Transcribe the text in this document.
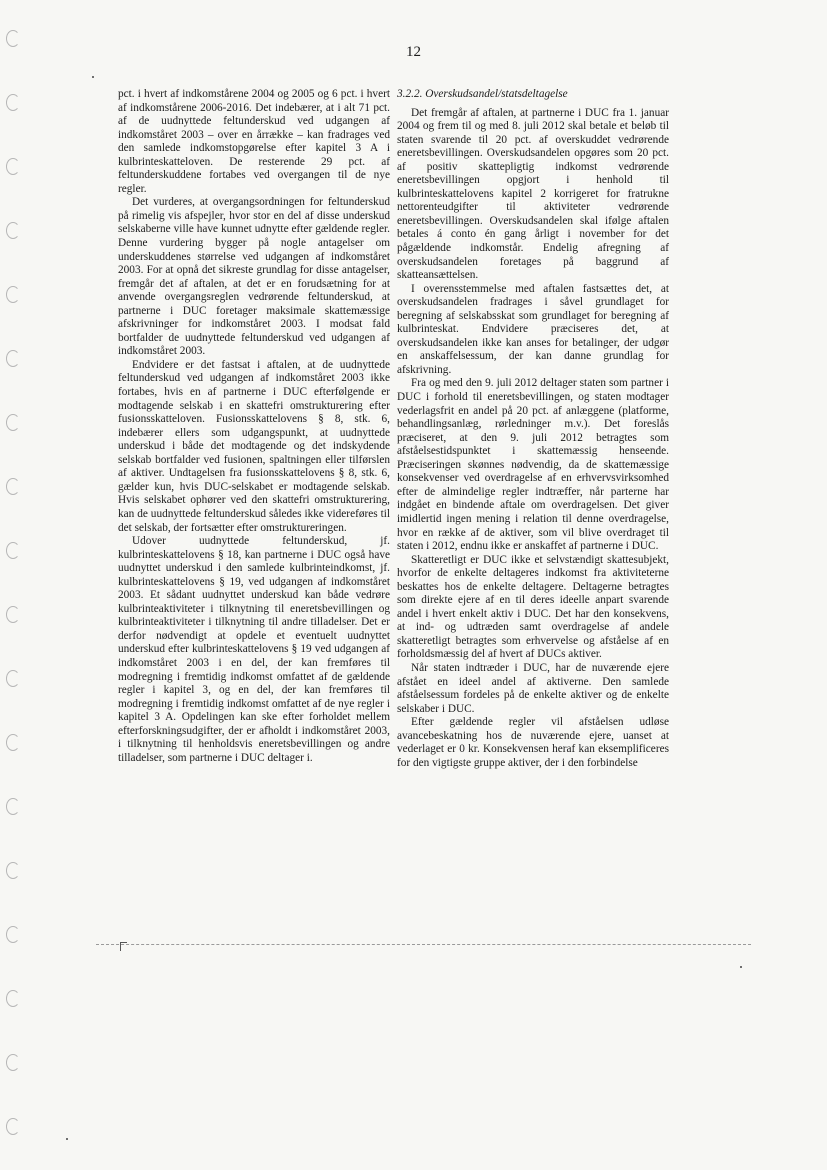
12

pct. i hvert af indkomstårene 2004 og 2005 og 6 pct. i hvert af indkomstårene 2006-2016. Det indebærer, at i alt 71 pct. af de uudnyttede feltunderskud ved udgangen af indkomståret 2003 – over en årrække – kan fradrages ved den samlede indkomstopgørelse efter kapitel 3 A i kulbrinteskatteloven. De resterende 29 pct. af feltunderskuddene fortabes ved overgangen til de nye regler.

Det vurderes, at overgangsordningen for feltunderskud på rimelig vis afspejler, hvor stor en del af disse underskud selskaberne ville have kunnet udnytte efter gældende regler. Denne vurdering bygger på nogle antagelser om underskuddenes størrelse ved udgangen af indkomståret 2003. For at opnå det sikreste grundlag for disse antagelser, fremgår det af aftalen, at det er en forudsætning for at anvende overgangsreglen vedrørende feltunderskud, at partnerne i DUC foretager maksimale skattemæssige afskrivninger for indkomståret 2003. I modsat fald bortfalder de uudnyttede feltunderskud ved udgangen af indkomståret 2003.

Endvidere er det fastsat i aftalen, at de uudnyttede feltunderskud ved udgangen af indkomståret 2003 ikke fortabes, hvis en af partnerne i DUC efterfølgende er modtagende selskab i en skattefri omstrukturering efter fusionsskatteloven. Fusionsskattelovens § 8, stk. 6, indebærer ellers som udgangspunkt, at uudnyttede underskud i både det modtagende og det indskydende selskab bortfalder ved fusionen, spaltningen eller tilførslen af aktiver. Undtagelsen fra fusionsskattelovens § 8, stk. 6, gælder kun, hvis DUC-selskabet er modtagende selskab. Hvis selskabet ophører ved den skattefri omstrukturering, kan de uudnyttede feltunderskud således ikke videreføres til det selskab, der fortsætter efter omstruktureringen.

Udover uudnyttede feltunderskud, jf. kulbrinteskattelovens § 18, kan partnerne i DUC også have uudnyttet underskud i den samlede kulbrinteindkomst, jf. kulbrinteskattelovens § 19, ved udgangen af indkomståret 2003. Et sådant uudnyttet underskud kan både vedrøre kulbrinteaktiviteter i tilknytning til eneretsbevillingen og kulbrinteaktiviteter i tilknytning til andre tilladelser. Det er derfor nødvendigt at opdele et eventuelt uudnyttet underskud efter kulbrinteskattelovens § 19 ved udgangen af indkomståret 2003 i en del, der kan fremføres til modregning i fremtidig indkomst omfattet af de gældende regler i kapitel 3, og en del, der kan fremføres til modregning i fremtidig indkomst omfattet af de nye regler i kapitel 3 A. Opdelingen kan ske efter forholdet mellem efterforskningsudgifter, der er afholdt i indkomståret 2003, i tilknytning til henholdsvis eneretsbevillingen og andre tilladelser, som partnerne i DUC deltager i.

3.2.2. Overskudsandel/statsdeltagelse

Det fremgår af aftalen, at partnerne i DUC fra 1. januar 2004 og frem til og med 8. juli 2012 skal betale et beløb til staten svarende til 20 pct. af overskuddet vedrørende eneretsbevillingen. Overskudsandelen opgøres som 20 pct. af positiv skattepligtig indkomst vedrørende eneretsbevillingen opgjort i henhold til kulbrinteskattelovens kapitel 2 korrigeret for fratrukne nettorenteudgifter til aktiviteter vedrørende eneretsbevillingen. Overskudsandelen skal ifølge aftalen betales á conto én gang årligt i november for det pågældende indkomstår. Endelig afregning af overskudsandelen foretages på baggrund af skatteansættelsen.

I overensstemmelse med aftalen fastsættes det, at overskudsandelen fradrages i såvel grundlaget for beregning af selskabsskat som grundlaget for beregning af kulbrinteskat. Endvidere præciseres det, at overskudsandelen ikke kan anses for betalinger, der udgør en anskaffelsessum, der kan danne grundlag for afskrivning.

Fra og med den 9. juli 2012 deltager staten som partner i DUC i forhold til eneretsbevillingen, og staten modtager vederlagsfrit en andel på 20 pct. af anlæggene (platforme, behandlingsanlæg, rørledninger m.v.). Det foreslås præciseret, at den 9. juli 2012 betragtes som afståelsestidspunktet i skattemæssig henseende. Præciseringen skønnes nødvendig, da de skattemæssige konsekvenser ved overdragelse af en erhvervsvirksomhed efter de almindelige regler indtræffer, når parterne har indgået en bindende aftale om overdragelsen. Det giver imidlertid ingen mening i relation til denne overdragelse, hvor en række af de aktiver, som vil blive overdraget til staten i 2012, endnu ikke er anskaffet af partnerne i DUC.

Skatteretligt er DUC ikke et selvstændigt skattesubjekt, hvorfor de enkelte deltageres indkomst fra aktiviteterne beskattes hos de enkelte deltagere. Deltagerne betragtes som direkte ejere af en til deres ideelle anpart svarende andel i hvert enkelt aktiv i DUC. Det har den konsekvens, at ind- og udtræden samt overdragelse af andele skatteretligt betragtes som erhvervelse og afståelse af en forholdsmæssig del af hvert af DUCs aktiver.

Når staten indtræder i DUC, har de nuværende ejere afstået en ideel andel af aktiverne. Den samlede afståelsessum fordeles på de enkelte aktiver og de enkelte selskaber i DUC.

Efter gældende regler vil afståelsen udløse avancebeskatning hos de nuværende ejere, uanset at vederlaget er 0 kr. Konsekvensen heraf kan eksemplificeres for den vigtigste gruppe aktiver, der i den forbindelse
